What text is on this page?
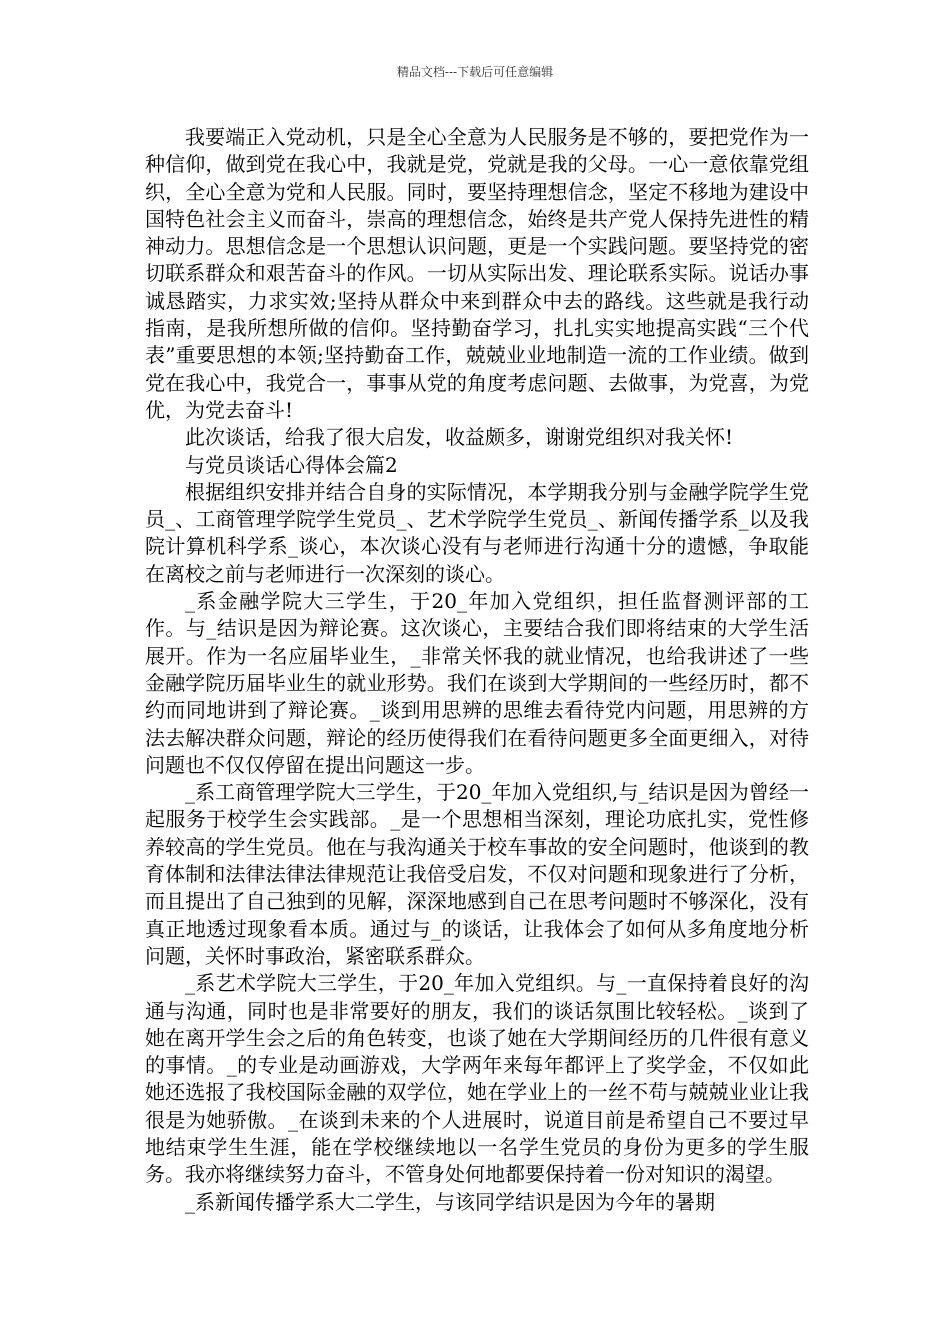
精品文档---下载后可任意编辑

我要端正入党动机，只是全心全意为人民服务是不够的，要把党作为一种信仰，做到党在我心中，我就是党，党就是我的父母。一心一意依靠党组织，全心全意为党和人民服。同时，要坚持理想信念，坚定不移地为建设中国特色社会主义而奋斗，崇高的理想信念，始终是共产党人保持先进性的精神动力。思想信念是一个思想认识问题，更是一个实践问题。要坚持党的密切联系群众和艰苦奋斗的作风。一切从实际出发、理论联系实际。说话办事诚恳踏实，力求实效;坚持从群众中来到群众中去的路线。这些就是我行动指南，是我所想所做的信仰。坚持勤奋学习，扎扎实实地提高实践“三个代表”重要思想的本领;坚持勤奋工作，兢兢业业地制造一流的工作业绩。做到党在我心中，我党合一，事事从党的角度考虑问题、去做事，为党喜，为党优，为党去奋斗!

此次谈话，给我了很大启发，收益颇多，谢谢党组织对我关怀!

与党员谈话心得体会篇2

根据组织安排并结合自身的实际情况，本学期我分别与金融学院学生党员_、工商管理学院学生党员_、艺术学院学生党员_、新闻传播学系_以及我院计算机科学系_谈心，本次谈心没有与老师进行沟通十分的遗憾，争取能在离校之前与老师进行一次深刻的谈心。

_系金融学院大三学生，于20_年加入党组织，担任监督测评部的工作。与_结识是因为辩论赛。这次谈心，主要结合我们即将结束的大学生活展开。作为一名应届毕业生，_非常关怀我的就业情况，也给我讲述了一些金融学院历届毕业生的就业形势。我们在谈到大学期间的一些经历时，都不约而同地讲到了辩论赛。_谈到用思辨的思维去看待党内问题，用思辨的方法去解决群众问题，辩论的经历使得我们在看待问题更多全面更细入，对待问题也不仅仅停留在提出问题这一步。

_系工商管理学院大三学生，于20_年加入党组织,与_结识是因为曾经一起服务于校学生会实践部。_是一个思想相当深刻，理论功底扎实，党性修养较高的学生党员。他在与我沟通关于校车事故的安全问题时，他谈到的教育体制和法律法律法律规范让我倍受启发，不仅对问题和现象进行了分析，而且提出了自己独到的见解，深深地感到自己在思考问题时不够深化，没有真正地透过现象看本质。通过与_的谈话，让我体会了如何从多角度地分析问题，关怀时事政治，紧密联系群众。

_系艺术学院大三学生，于20_年加入党组织。与_一直保持着良好的沟通与沟通，同时也是非常要好的朋友，我们的谈话氛围比较轻松。_谈到了她在离开学生会之后的角色转变，也谈了她在大学期间经历的几件很有意义的事情。_的专业是动画游戏，大学两年来每年都评上了奖学金，不仅如此她还选报了我校国际金融的双学位，她在学业上的一丝不苟与兢兢业业让我很是为她骄傲。_在谈到未来的个人进展时，说道目前是希望自己不要过早地结束学生生涯，能在学校继续地以一名学生党员的身份为更多的学生服务。我亦将继续努力奋斗，不管身处何地都要保持着一份对知识的渴望。

_系新闻传播学系大二学生，与该同学结识是因为今年的暑期
